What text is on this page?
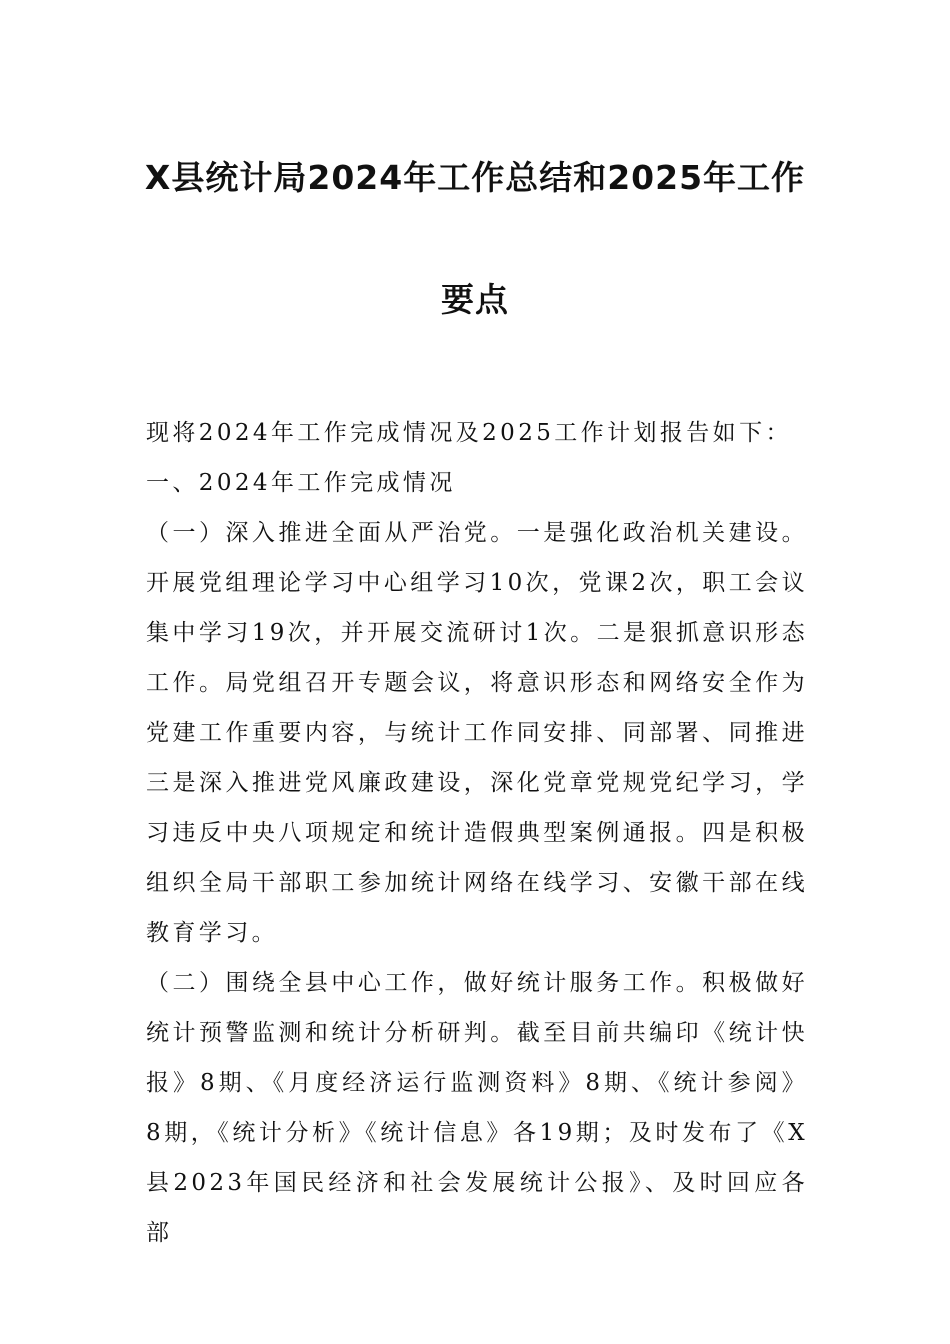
X县统计局2024年工作总结和2025年工作
要点

现将2024年工作完成情况及2025工作计划报告如下：

一、2024年工作完成情况

（一）深入推进全面从严治党。一是强化政治机关建设。开展党组理论学习中心组学习10次，党课2次，职工会议集中学习19次，并开展交流研讨1次。二是狠抓意识形态工作。局党组召开专题会议，将意识形态和网络安全作为党建工作重要内容，与统计工作同安排、同部署、同推进三是深入推进党风廉政建设，深化党章党规党纪学习，学习违反中央八项规定和统计造假典型案例通报。四是积极组织全局干部职工参加统计网络在线学习、安徽干部在线教育学习。

（二）围绕全县中心工作，做好统计服务工作。积极做好统计预警监测和统计分析研判。截至目前共编印《统计快报》8期、《月度经济运行监测资料》8期、《统计参阅》8期，《统计分析》《统计信息》各19期；及时发布了《X县2023年国民经济和社会发展统计公报》、及时回应各部
